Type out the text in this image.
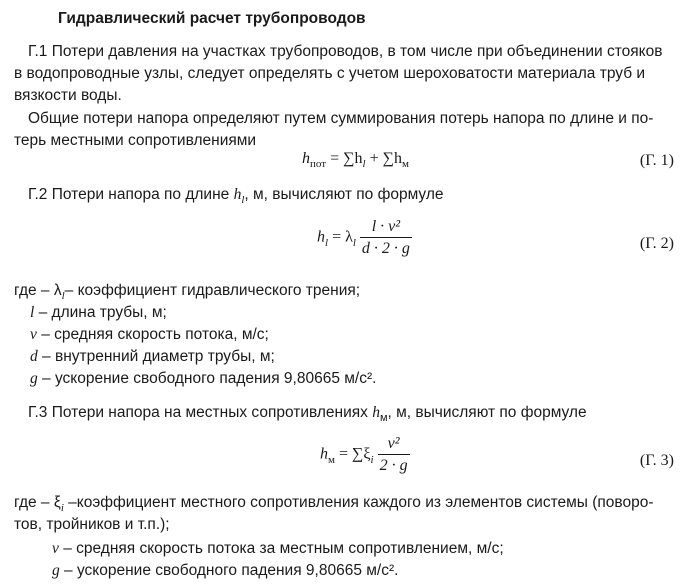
Гидравлический расчет трубопроводов
Г.1 Потери давления на участках трубопроводов, в том числе при объединении стояков
в водопроводные узлы, следует определять с учетом шероховатости материала труб и
вязкости воды.
Общие потери напора определяют путем суммирования потерь напора по длине и по-
терь местными сопротивлениями
$h_{пот} = \sum h_l + \sum h_м$	(Г. 1)
Г.2 Потери напора по длине $h_l$, м, вычисляют по формуле
$h_l = \lambda_l \frac{\text{l · v²}}{d \cdot 2 \cdot g}$	(Г. 2)
где – $\lambda_l-$ коэффициент гидравлического трения;
l – длина трубы, м;
v – средняя скорость потока, м/с;
d – внутренний диаметр трубы, м;
g – ускорение свободного падения 9,80665 м/с².
Г.3 Потери напора на местных сопротивлениях $h_м$, м, вычисляют по формуле
$h_м = \sum\xi_i \frac{\text{v²}}{2 \cdot g}$	(Г. 3)
где – $\xi_i$ –коэффициент местного сопротивления каждого из элементов системы (поворо-
тов, тройников и т.п.);
v – средняя скорость потока за местным сопротивлением, м/с;
g – ускорение свободного падения 9,80665 м/с².
